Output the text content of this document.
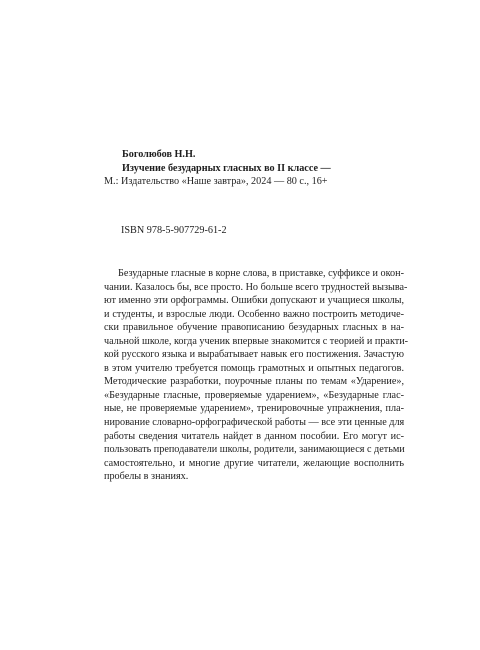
Боголюбов Н.Н.
Изучение безударных гласных во II классе —
М.: Издательство «Наше завтра», 2024 — 80 с., 16+
ISBN 978-5-907729-61-2
Безударные гласные в корне слова, в приставке, суффиксе и окон-
чании. Казалось бы, все просто. Но больше всего трудностей вызыва-
ют именно эти орфограммы. Ошибки допускают и учащиеся школы,
и студенты, и взрослые люди. Особенно важно построить методиче-
ски правильное обучение правописанию безударных гласных в на-
чальной школе, когда ученик впервые знакомится с теорией и практи-
кой русского языка и вырабатывает навык его постижения. Зачастую
в этом учителю требуется помощь грамотных и опытных педагогов.
Методические разработки, поурочные планы по темам «Ударение»,
«Безударные гласные, проверяемые ударением», «Безударные глас-
ные, не проверяемые ударением», тренировочные упражнения, пла-
нирование словарно-орфографической работы — все эти ценные для
работы сведения читатель найдет в данном пособии. Его могут ис-
пользовать преподаватели школы, родители, занимающиеся с детьми
самостоятельно, и многие другие читатели, желающие восполнить
пробелы в знаниях.
